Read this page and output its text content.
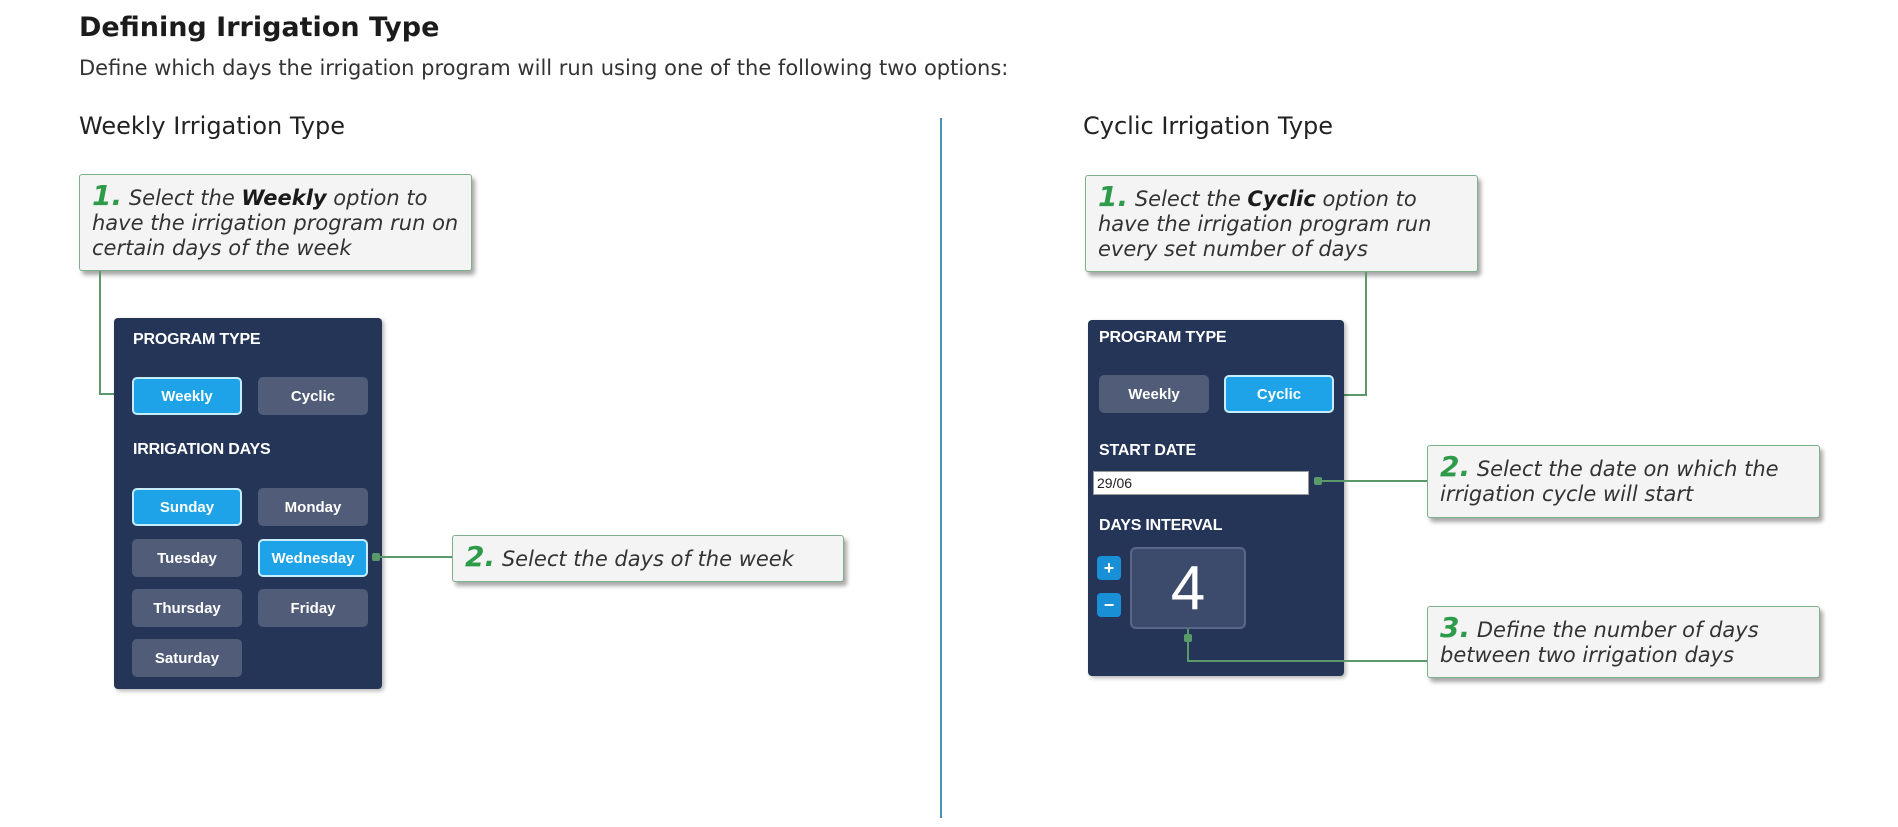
Defining Irrigation Type
Define which days the irrigation program will run using one of the following two options:
Weekly Irrigation Type
1. Select the Weekly option to have the irrigation program run on certain days of the week
PROGRAM TYPE
Weekly	Cyclic
IRRIGATION DAYS
Sunday	Monday
Tuesday	Wednesday
Thursday	Friday
Saturday
2. Select the days of the week
Cyclic Irrigation Type
1. Select the Cyclic option to have the irrigation program run every set number of days
PROGRAM TYPE
Weekly	Cyclic
START DATE
29/06	2. Select the date on which the irrigation cycle will start
DAYS INTERVAL
+
− 4
3. Define the number of days between two irrigation days
